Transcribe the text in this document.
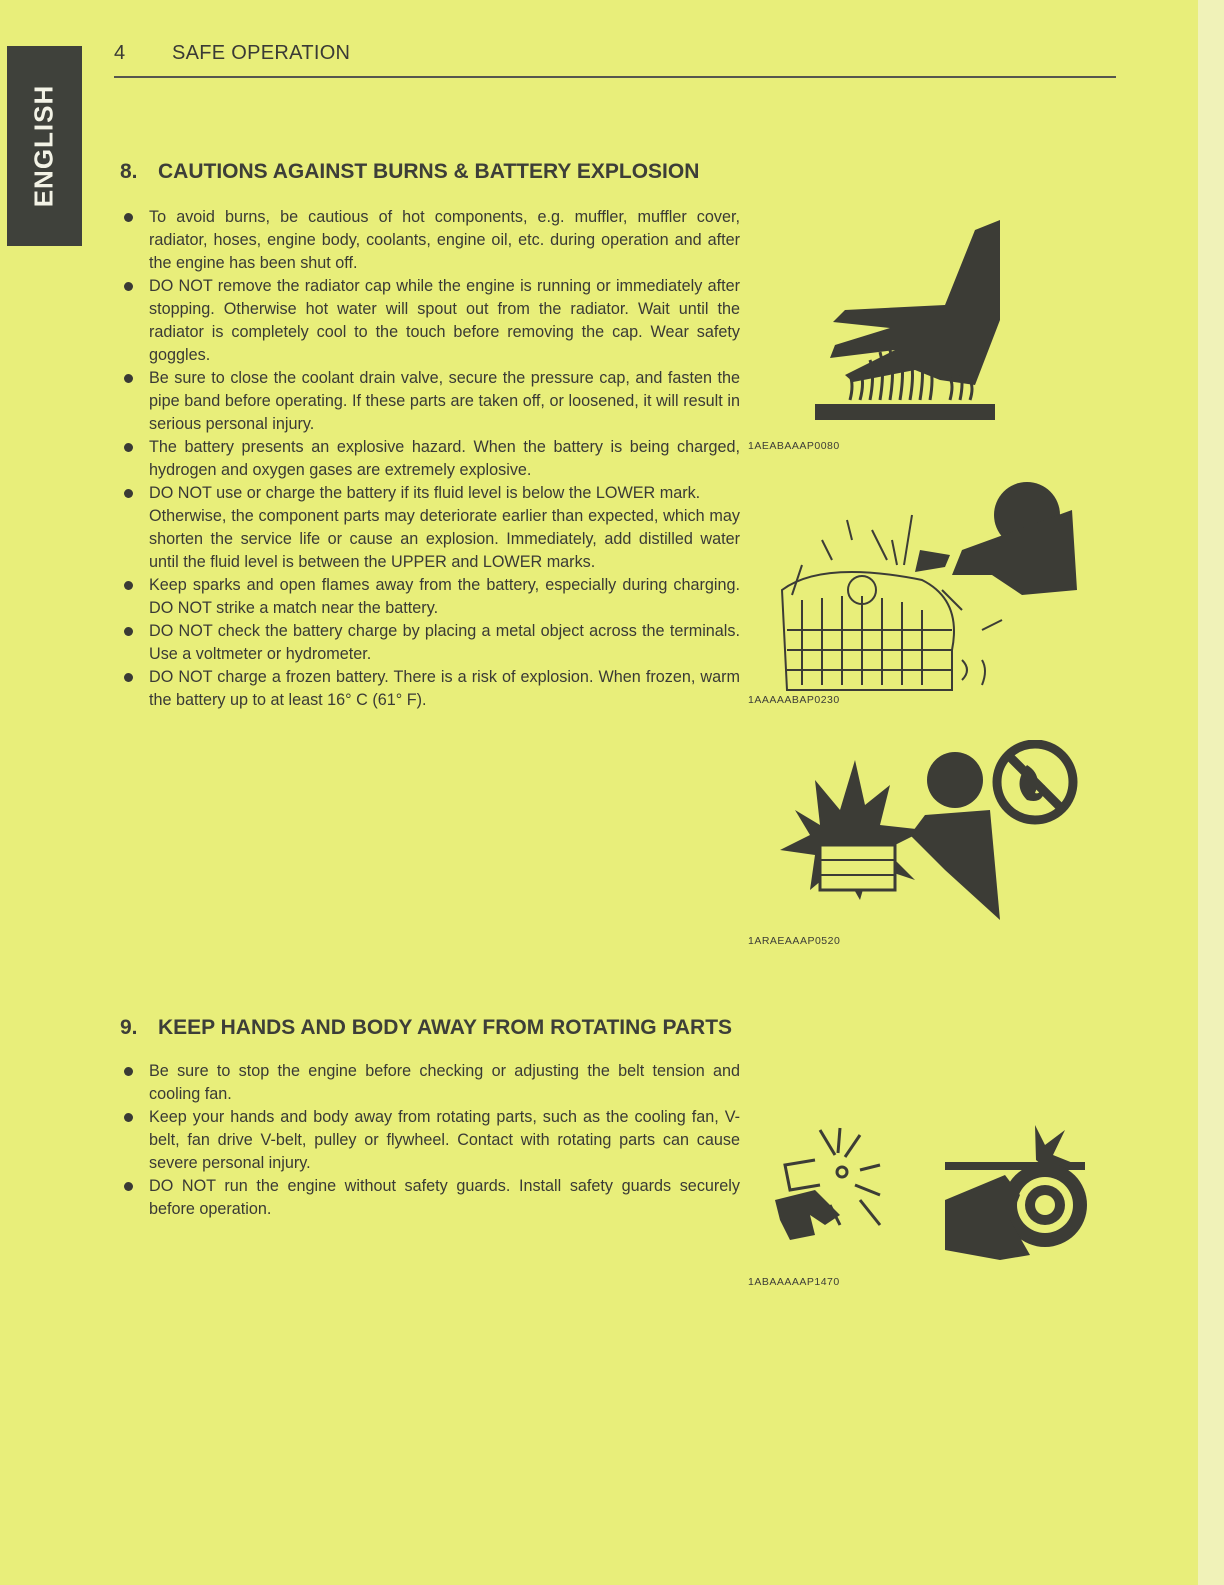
ENGLISH
4 SAFE OPERATION
8. CAUTIONS AGAINST BURNS & BATTERY EXPLOSION
To avoid burns, be cautious of hot components, e.g. muffler, muffler cover, radiator, hoses, engine body, coolants, engine oil, etc. during operation and after the engine has been shut off.
DO NOT remove the radiator cap while the engine is running or immediately after stopping. Otherwise hot water will spout out from the radiator. Wait until the radiator is completely cool to the touch before removing the cap. Wear safety goggles.
Be sure to close the coolant drain valve, secure the pressure cap, and fasten the pipe band before operating. If these parts are taken off, or loosened, it will result in serious personal injury.
The battery presents an explosive hazard. When the battery is being charged, hydrogen and oxygen gases are extremely explosive.
DO NOT use or charge the battery if its fluid level is below the LOWER mark.
Otherwise, the component parts may deteriorate earlier than expected, which may shorten the service life or cause an explosion. Immediately, add distilled water until the fluid level is between the UPPER and LOWER marks.
Keep sparks and open flames away from the battery, especially during charging. DO NOT strike a match near the battery.
DO NOT check the battery charge by placing a metal object across the terminals. Use a voltmeter or hydrometer.
DO NOT charge a frozen battery. There is a risk of explosion. When frozen, warm the battery up to at least 16° C (61° F).
1AEABAAAP0080
1AAAAABAP0230
1ARAEAAAP0520
9. KEEP HANDS AND BODY AWAY FROM ROTATING PARTS
Be sure to stop the engine before checking or adjusting the belt tension and cooling fan.
Keep your hands and body away from rotating parts, such as the cooling fan, V-belt, fan drive V-belt, pulley or flywheel. Contact with rotating parts can cause severe personal injury.
DO NOT run the engine without safety guards. Install safety guards securely before operation.
1ABAAAAAP1470
